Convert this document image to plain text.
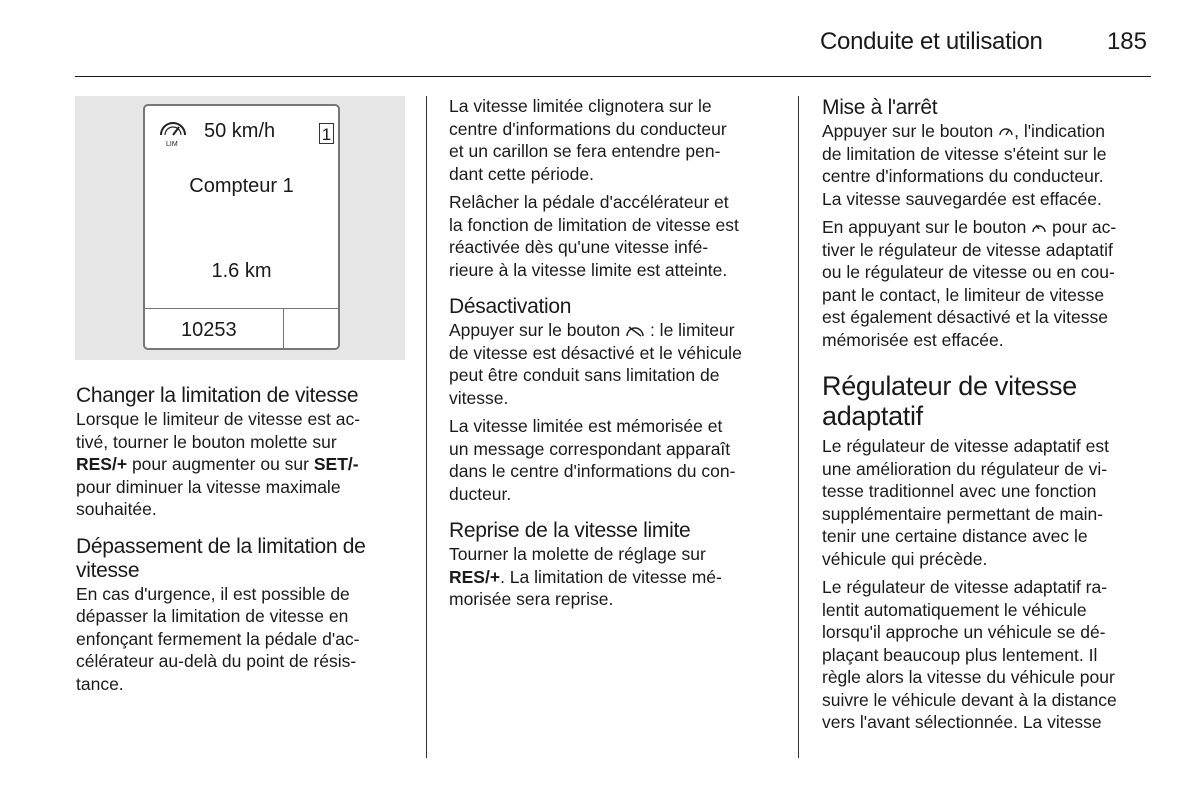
Conduite et utilisation	185
LIM
50 km/h	1
Compteur 1
1.6 km
10253
Changer la limitation de vitesse

Lorsque le limiteur de vitesse est ac-
tivé, tourner le bouton molette sur
RES/+ pour augmenter ou sur SET/-
pour diminuer la vitesse maximale
souhaitée.

Dépassement de la limitation de
vitesse

En cas d'urgence, il est possible de
dépasser la limitation de vitesse en
enfonçant fermement la pédale d'ac-
célérateur au-delà du point de résis-
tance.

La vitesse limitée clignotera sur le
centre d'informations du conducteur
et un carillon se fera entendre pen-
dant cette période.

Relâcher la pédale d'accélérateur et
la fonction de limitation de vitesse est
réactivée dès qu'une vitesse infé-
rieure à la vitesse limite est atteinte.

Désactivation

Appuyer sur le bouton  : le limiteur
de vitesse est désactivé et le véhicule
peut être conduit sans limitation de
vitesse.

La vitesse limitée est mémorisée et
un message correspondant apparaît
dans le centre d'informations du con-
ducteur.

Reprise de la vitesse limite

Tourner la molette de réglage sur
RES/+. La limitation de vitesse mé-
morisée sera reprise.

Mise à l'arrêt

Appuyer sur le bouton , l'indication
de limitation de vitesse s'éteint sur le
centre d'informations du conducteur.
La vitesse sauvegardée est effacée.

En appuyant sur le bouton  pour ac-
tiver le régulateur de vitesse adaptatif
ou le régulateur de vitesse ou en cou-
pant le contact, le limiteur de vitesse
est également désactivé et la vitesse
mémorisée est effacée.

Régulateur de vitesse
adaptatif

Le régulateur de vitesse adaptatif est
une amélioration du régulateur de vi-
tesse traditionnel avec une fonction
supplémentaire permettant de main-
tenir une certaine distance avec le
véhicule qui précède.

Le régulateur de vitesse adaptatif ra-
lentit automatiquement le véhicule
lorsqu'il approche un véhicule se dé-
plaçant beaucoup plus lentement. Il
règle alors la vitesse du véhicule pour
suivre le véhicule devant à la distance
vers l'avant sélectionnée. La vitesse
